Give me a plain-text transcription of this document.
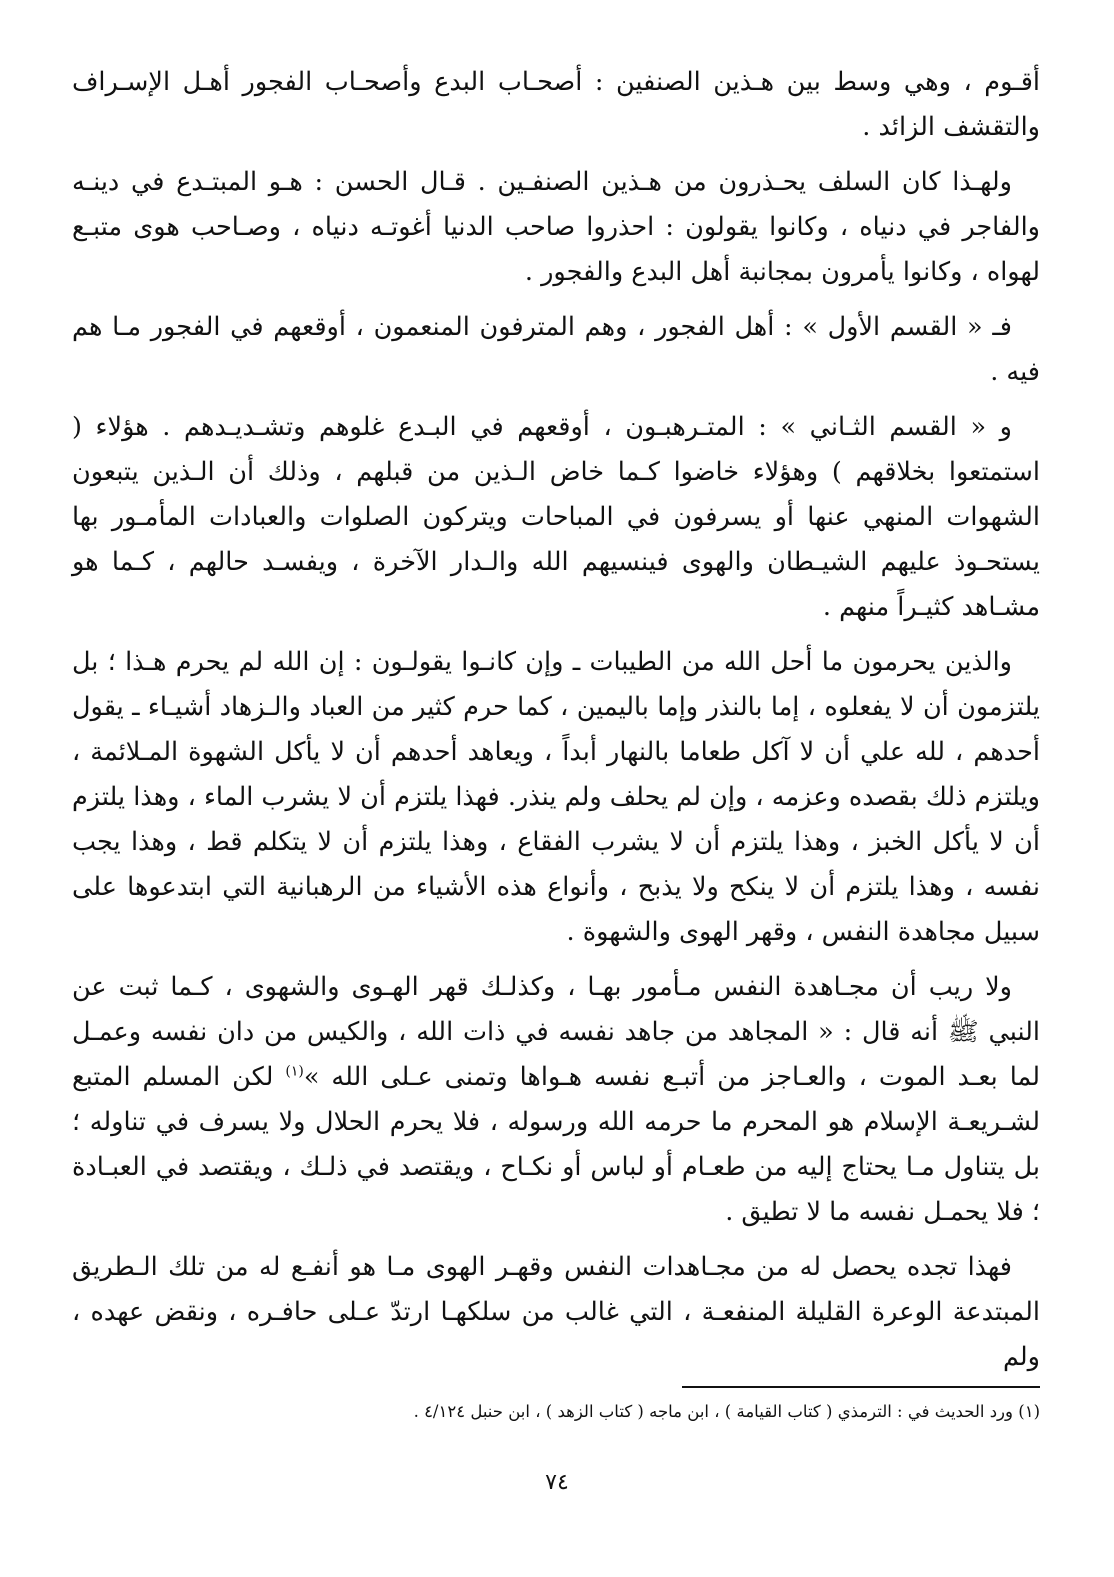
أقـوم ، وهي وسط بين هـذين الصنفين : أصحـاب البدع وأصحـاب الفجور أهـل الإسـراف والتقشف الزائد .

ولهـذا كان السلف يحـذرون من هـذين الصنفـين . قـال الحسن : هـو المبتـدع في دينـه والفاجر في دنياه ، وكانوا يقولون : احذروا صاحب الدنيا أغوتـه دنياه ، وصـاحب هوى متبـع لهواه ، وكانوا يأمرون بمجانبة أهل البدع والفجور .

فـ « القسم الأول » : أهل الفجور ، وهم المترفون المنعمون ، أوقعهم في الفجور مـا هم فيه .

و « القسم الثـاني » : المتـرهبـون ، أوقعهم في البـدع غلوهم وتشـديـدهم . هؤلاء ( استمتعوا بخلاقهم ) وهؤلاء خاضوا كـما خاض الـذين من قبلهم ، وذلك أن الـذين يتبعون الشهوات المنهي عنها أو يسرفون في المباحات ويتركون الصلوات والعبادات المأمـور بها يستحـوذ عليهم الشيـطان والهوى فينسيهم الله والـدار الآخرة ، ويفسـد حالهم ، كـما هو مشـاهد كثيـراً منهم .

والذين يحرمون ما أحل الله من الطيبات ـ وإن كانـوا يقولـون : إن الله لم يحرم هـذا ؛ بل يلتزمون أن لا يفعلوه ، إما بالنذر وإما باليمين ، كما حرم كثير من العباد والـزهاد أشيـاء ـ يقول أحدهم ، لله علي أن لا آكل طعاما بالنهار أبداً ، ويعاهد أحدهم أن لا يأكل الشهوة المـلائمة ، ويلتزم ذلك بقصده وعزمه ، وإن لم يحلف ولم ينذر. فهذا يلتزم أن لا يشرب الماء ، وهذا يلتزم أن لا يأكل الخبز ، وهذا يلتزم أن لا يشرب الفقاع ، وهذا يلتزم أن لا يتكلم قط ، وهذا يجب نفسه ، وهذا يلتزم أن لا ينكح ولا يذبح ، وأنواع هذه الأشياء من الرهبانية التي ابتدعوها على سبيل مجاهدة النفس ، وقهر الهوى والشهوة .

ولا ريب أن مجـاهدة النفس مـأمور بهـا ، وكذلـك قهر الهـوى والشهوى ، كـما ثبت عن النبي ﷺ أنه قال : « المجاهد من جاهد نفسه في ذات الله ، والكيس من دان نفسه وعمـل لما بعـد الموت ، والعـاجز من أتبـع نفسه هـواها وتمنى عـلى الله »$^{(١)}$ لكن المسلم المتبع لشـريعـة الإسلام هو المحرم ما حرمه الله ورسوله ، فلا يحرم الحلال ولا يسرف في تناوله ؛ بل يتناول مـا يحتاج إليه من طعـام أو لباس أو نكـاح ، ويقتصد في ذلـك ، ويقتصد في العبـادة ؛ فلا يحمـل نفسه ما لا تطيق .

فهذا تجده يحصل له من مجـاهدات النفس وقهـر الهوى مـا هو أنفـع له من تلك الـطريق المبتدعة الوعرة القليلة المنفعـة ، التي غالب من سلكهـا ارتدّ عـلى حافـره ، ونقض عهده ، ولم

(١) ورد الحديث في : الترمذي ( كتاب القيامة ) ، ابن ماجه ( كتاب الزهد ) ، ابن حنبل ٤/١٢٤ .
٧٤
